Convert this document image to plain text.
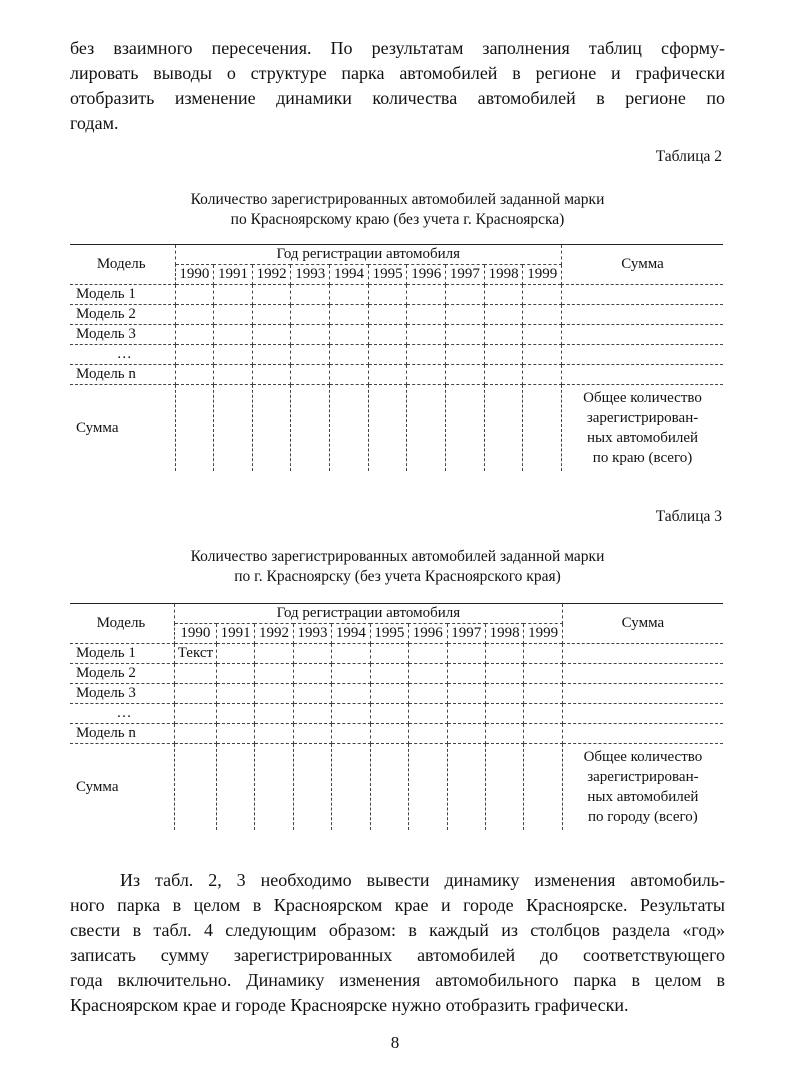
без взаимного пересечения. По результатам заполнения таблиц сформу-
лировать выводы о структуре парка автомобилей в регионе и графически
отобразить изменение динамики количества автомобилей в регионе по
годам.
Таблица 2
Количество зарегистрированных автомобилей заданной марки
по Красноярскому краю (без учета г. Красноярска)
Модель	Год регистрации автомобиля										Сумма
	1990	1991	1992	1993	1994	1995	1996	1997	1998	1999	
Модель 1											
Модель 2											
Модель 3											
…											
Модель n											
Сумма											Общее количество
зарегистрирован-
ных автомобилей
по краю (всего)
Таблица 3
Количество зарегистрированных автомобилей заданной марки
по г. Красноярску (без учета Красноярского края)
Модель	Год регистрации автомобиля										Сумма
	1990	1991	1992	1993	1994	1995	1996	1997	1998	1999	
Модель 1	Текст										
Модель 2											
Модель 3											
…											
Модель n											
Сумма											Общее количество
зарегистрирован-
ных автомобилей
по городу (всего)
Из табл. 2, 3 необходимо вывести динамику изменения автомобиль-
ного парка в целом в Красноярском крае и городе Красноярске. Результаты
свести в табл. 4 следующим образом: в каждый из столбцов раздела «год»
записать сумму зарегистрированных автомобилей до соответствующего
года включительно. Динамику изменения автомобильного парка в целом в
Красноярском крае и городе Красноярске нужно отобразить графически.
8
